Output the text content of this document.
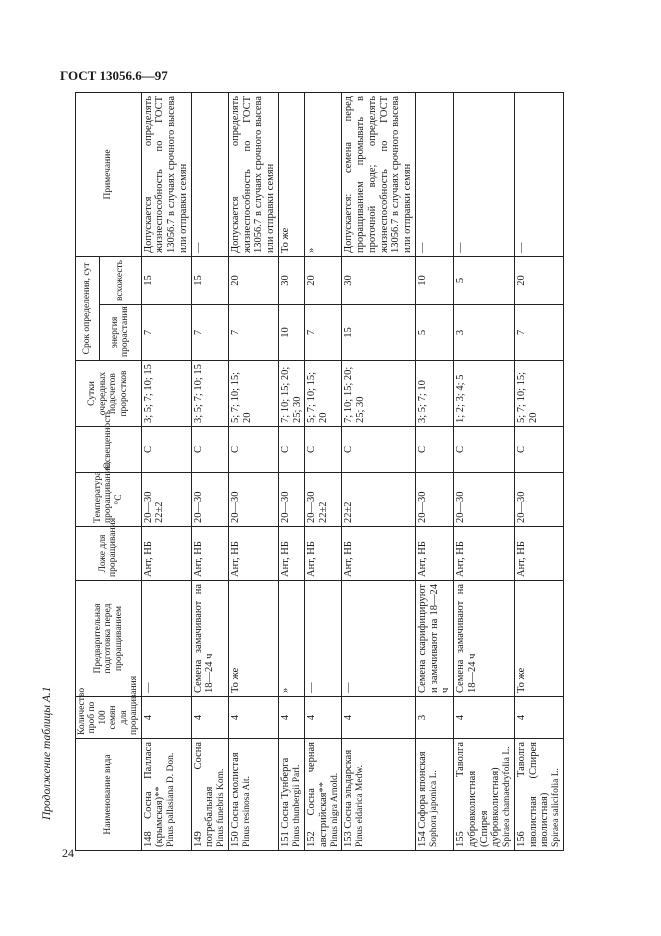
ГОСТ 13056.6—97
Продолжение таблицы А.1
24
Наименование вида	Количество проб по 100 семян для проращивания	Предварительная подготовка перед проращиванием	Ложе для проращивания	Температура проращивания, °С	Освещенность	Сутки очередных подсчетов проростков	Срок определения, сут		Примечание
							энергия прорастания	всхожесть	

148 Сосна Палласа (крымская)** Pinus pallasiana D. Don.	4	—	Ант, НБ	20—30 22±2	С	3; 5; 7; 10; 15	7	15	Допускается определять жизнеспособность по ГОСТ 13056.7 в случаях срочного высева или отправки семян

149 Сосна погребальная Pinus funebris Kom.	4	Семена замачивают на 18—24 ч	Ант, НБ	20—30	С	3; 5; 7; 10; 15	7	15	—

150 Сосна смолистая Pinus resinosa Ait.	4	То же	Ант, НБ	20—30	С	5; 7; 10; 15; 20	7	20	Допускается определять жизнеспособность по ГОСТ 13056.7 в случаях срочного высева или отправки семян

151 Сосна Тунберга Pinus thunbergii Parl.	4	»	Ант, НБ	20—30	С	7; 10; 15; 20; 25; 30	10	30	То же

152 Сосна черная австрийская** Pinus nigra Arnold.	4	—	Ант, НБ	20—30 22±2	С	5; 7; 10; 15; 20	7	20	»

153 Сосна эльдарская Pinus eldarica Medw.	4	—	Ант, НБ	22±2	С	7; 10; 15; 20; 25; 30	15	30	Допускается: семена перед проращиванием промывать в проточной воде; определять жизнеспособность по ГОСТ 13056.7 в случаях срочного высева или отправки семян

154 Софора японская Sophora japonica L.	3	Семена скарифицируют и замачивают на 18—24 ч	Ант, НБ	20—30	С	3; 5; 7; 10	5	10	—

155 Таволга дубровколистная (Спирея дубровколистная) Spiraea chamaedryfolia L.	4	Семена замачивают на 18—24 ч	Ант, НБ	20—30	С	1; 2; 3; 4; 5	3	5	—

156 Таволга иволистная (Спирея иволистная) Spiraea salicifolia L.	4	То же	Ант, НБ	20—30	С	5; 7; 10; 15; 20	7	20	—
